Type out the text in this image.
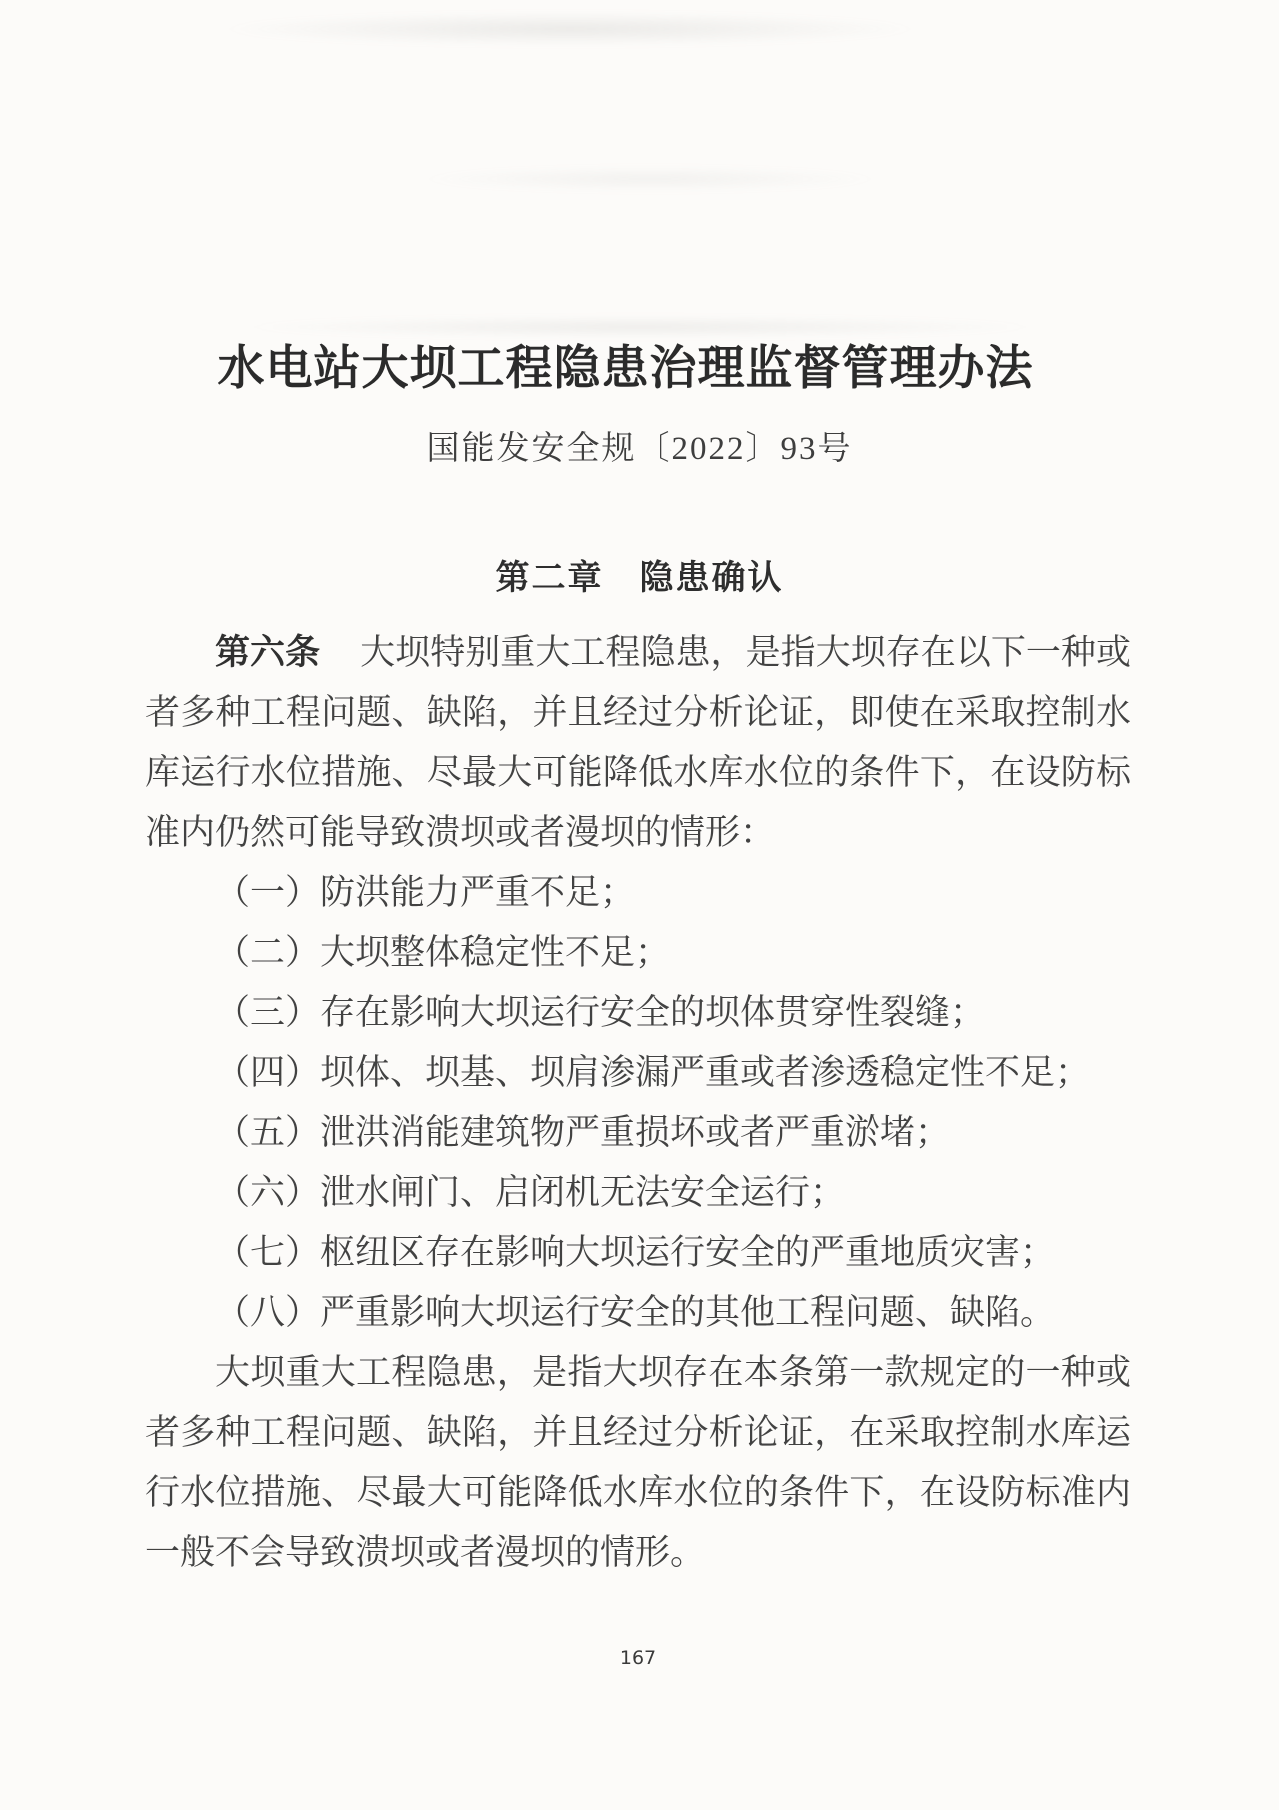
水电站大坝工程隐患治理监督管理办法
国能发安全规〔2022〕93号
第二章　隐患确认

第六条 大坝特别重大工程隐患，是指大坝存在以下一种或者多种工程问题、缺陷，并且经过分析论证，即使在采取控制水库运行水位措施、尽最大可能降低水库水位的条件下，在设防标准内仍然可能导致溃坝或者漫坝的情形：

（一）防洪能力严重不足；

（二）大坝整体稳定性不足；

（三）存在影响大坝运行安全的坝体贯穿性裂缝；

（四）坝体、坝基、坝肩渗漏严重或者渗透稳定性不足；

（五）泄洪消能建筑物严重损坏或者严重淤堵；

（六）泄水闸门、启闭机无法安全运行；

（七）枢纽区存在影响大坝运行安全的严重地质灾害；

（八）严重影响大坝运行安全的其他工程问题、缺陷。

大坝重大工程隐患，是指大坝存在本条第一款规定的一种或者多种工程问题、缺陷，并且经过分析论证，在采取控制水库运行水位措施、尽最大可能降低水库水位的条件下，在设防标准内一般不会导致溃坝或者漫坝的情形。

167
